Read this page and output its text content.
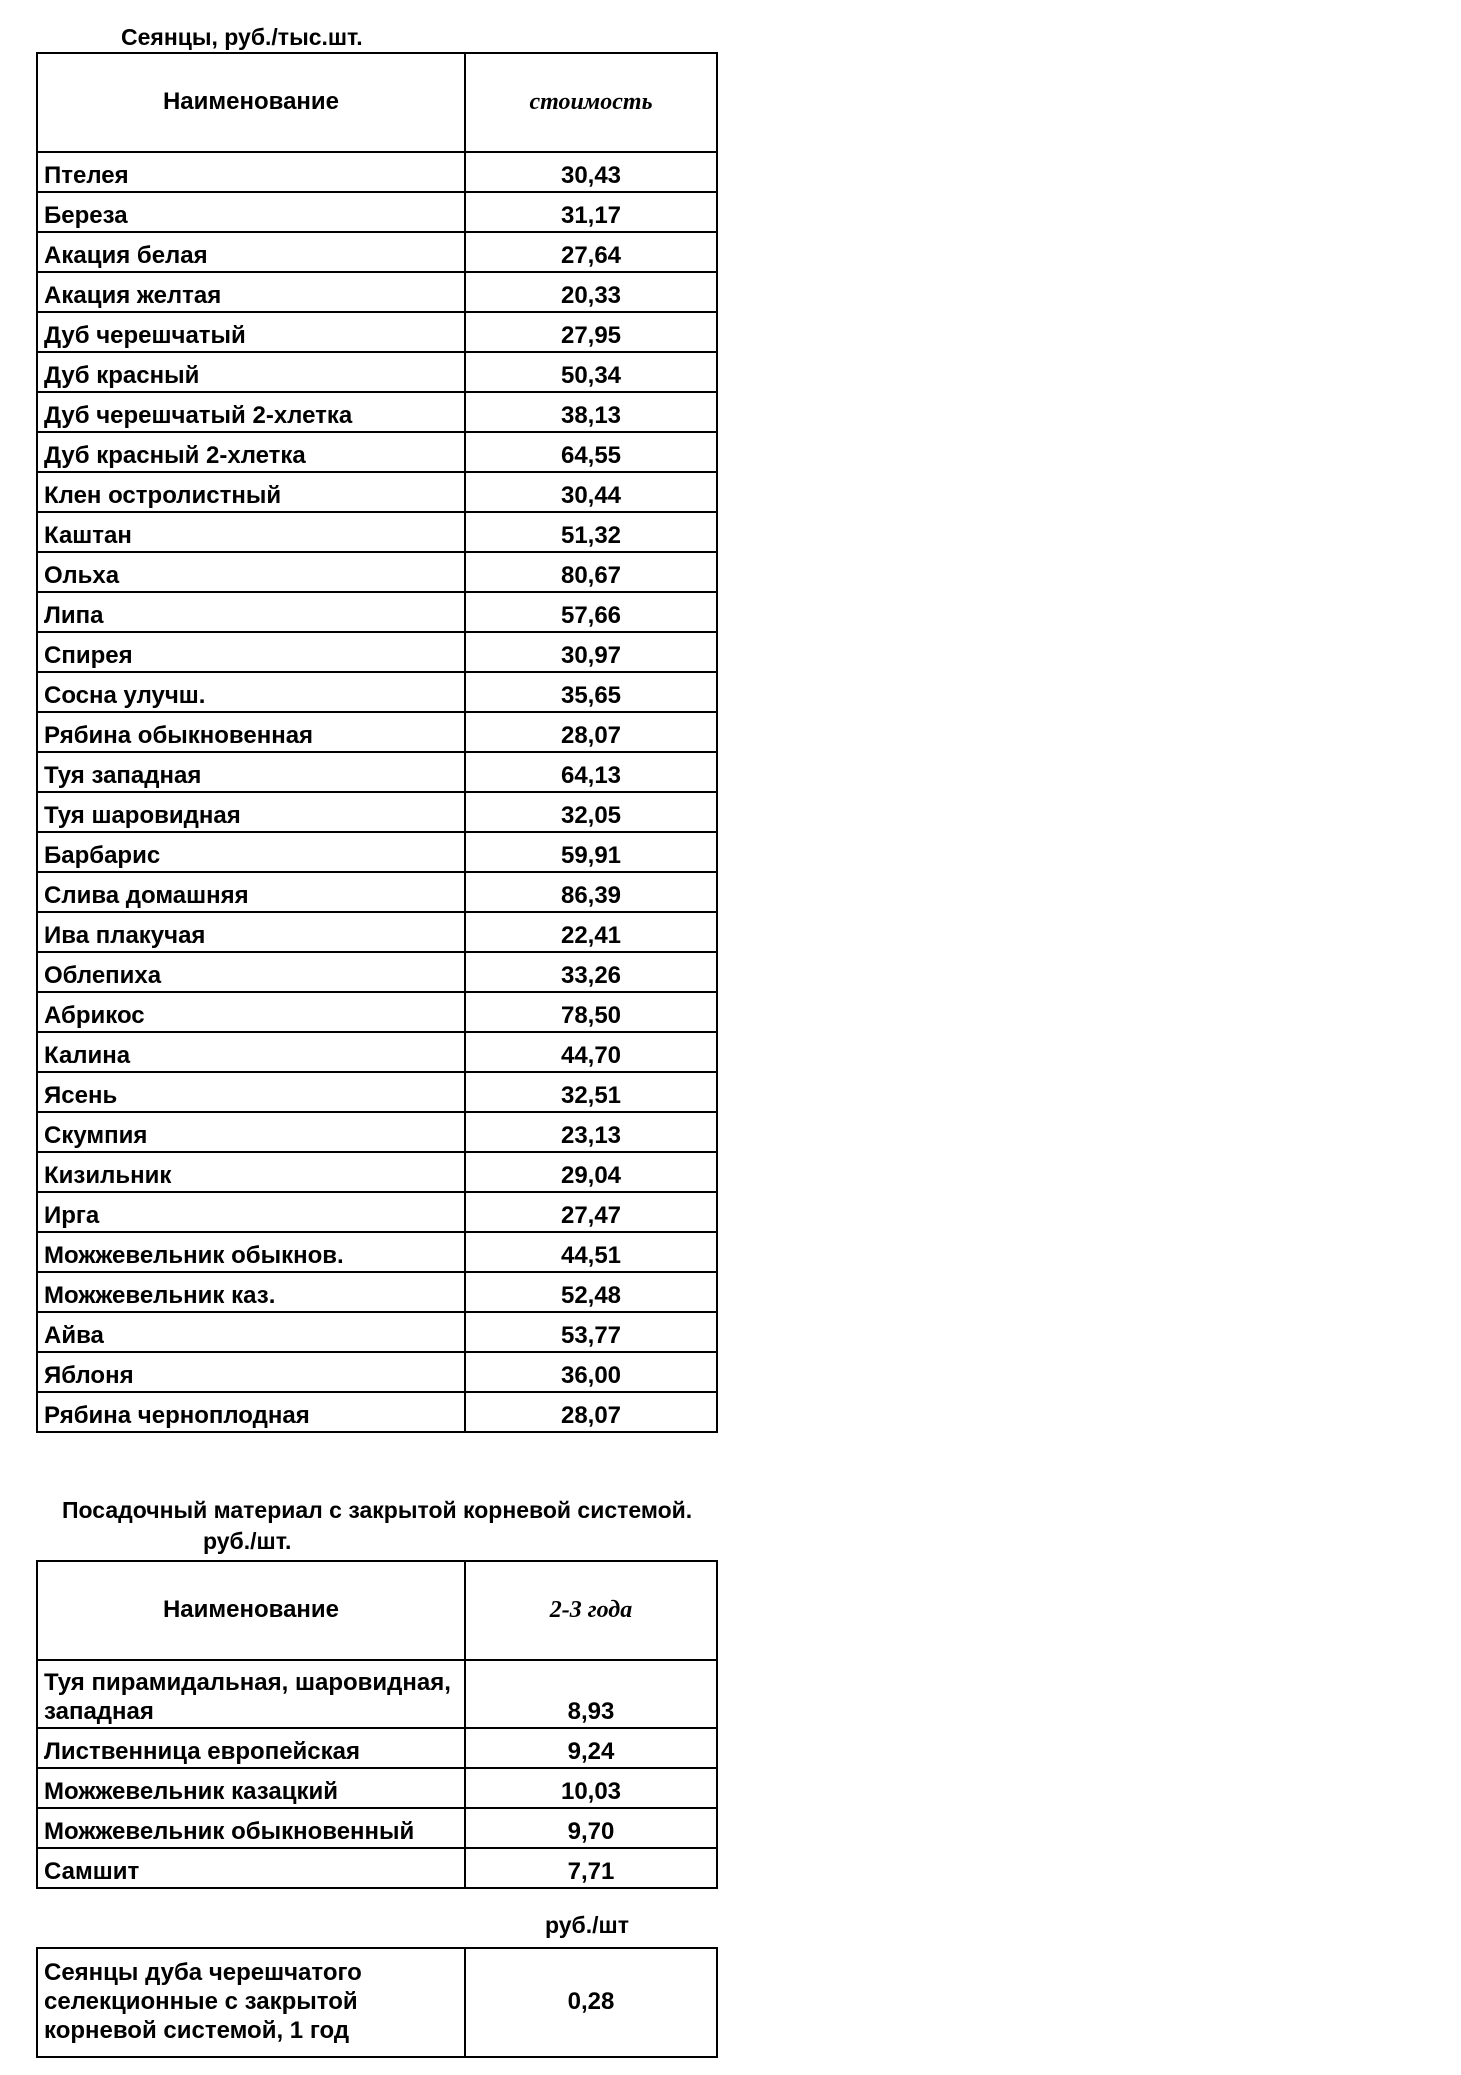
Сеянцы, руб./тыс.шт.
Наименование	стоимость
Птелея	30,43
Береза	31,17
Акация белая	27,64
Акация желтая	20,33
Дуб черешчатый	27,95
Дуб красный	50,34
Дуб черешчатый 2-хлетка	38,13
Дуб красный 2-хлетка	64,55
Клен остролистный	30,44
Каштан	51,32
Ольха	80,67
Липа	57,66
Спирея	30,97
Сосна улучш.	35,65
Рябина обыкновенная	28,07
Туя западная	64,13
Туя шаровидная	32,05
Барбарис	59,91
Слива домашняя	86,39
Ива плакучая	22,41
Облепиха	33,26
Абрикос	78,50
Калина	44,70
Ясень	32,51
Скумпия	23,13
Кизильник	29,04
Ирга	27,47
Можжевельник обыкнов.	44,51
Можжевельник каз.	52,48
Айва	53,77
Яблоня	36,00
Рябина черноплодная	28,07
Посадочный материал с закрытой корневой системой.
руб./шт.
Наименование	2-3 года
Туя пирамидальная, шаровидная, западная	8,93
Лиственница европейская	9,24
Можжевельник казацкий	10,03
Можжевельник обыкновенный	9,70
Самшит	7,71
руб./шт
Сеянцы дуба черешчатого селекционные с закрытой корневой системой, 1 год	0,28
